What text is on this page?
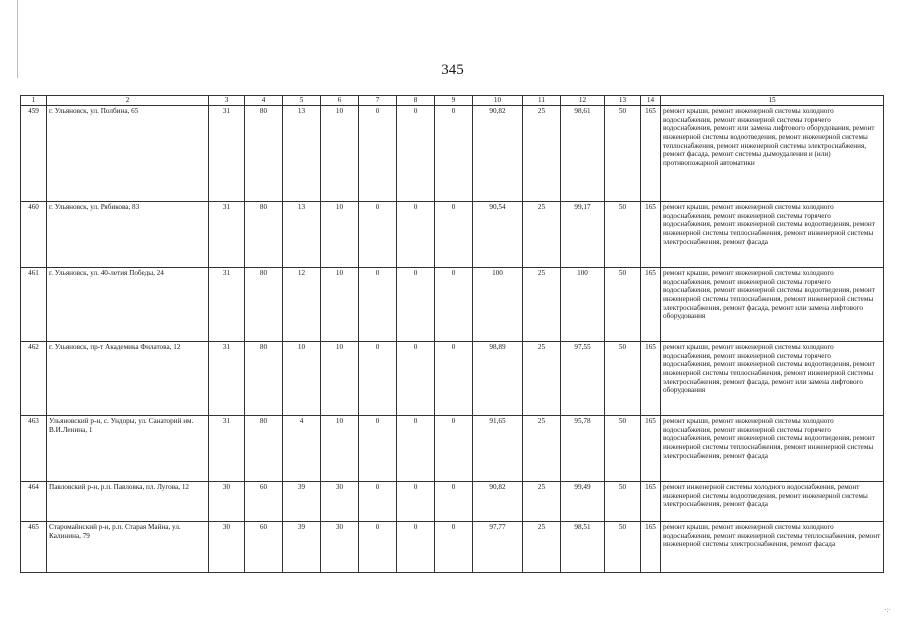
345
1	2	3	4	5	6	7	8	9	10	11	12	13	14	15
459	г. Ульяновск, ул. Полбина, 65	31	80	13	10	0	0	0	90,82	25	98,61	50	165	ремонт крыши, ремонт инженерной системы холодного водоснабжения, ремонт инженерной системы горячего водоснабжения, ремонт или замена лифтового оборудования, ремонт инженерной системы водоотведения, ремонт инженерной системы теплоснабжения, ремонт инженерной системы электроснабжения, ремонт фасада, ремонт системы дымоудаления и (или) противопожарной автоматики
460	г. Ульяновск, ул. Рябикова, 83	31	80	13	10	0	0	0	90,54	25	99,17	50	165	ремонт крыши, ремонт инженерной системы холодного водоснабжения, ремонт инженерной системы горячего водоснабжения, ремонт инженерной системы водоотведения, ремонт инженерной системы теплоснабжения, ремонт инженерной системы электроснабжения, ремонт фасада
461	г. Ульяновск, ул. 40-летия Победы, 24	31	80	12	10	0	0	0	100	25	100	50	165	ремонт крыши, ремонт инженерной системы холодного водоснабжения, ремонт инженерной системы горячего водоснабжения, ремонт инженерной системы водоотведения, ремонт инженерной системы теплоснабжения, ремонт инженерной системы электроснабжения, ремонт фасада, ремонт или замена лифтового оборудования
462	г. Ульяновск, пр-т Академика Филатова, 12	31	80	10	10	0	0	0	98,89	25	97,55	50	165	ремонт крыши, ремонт инженерной системы холодного водоснабжения, ремонт инженерной системы горячего водоснабжения, ремонт инженерной системы водоотведения, ремонт инженерной системы теплоснабжения, ремонт инженерной системы электроснабжения, ремонт фасада, ремонт или замена лифтового оборудования
463	Ульяновский р-н, с. Ундоры, ул. Санаторий им. В.И.Ленина, 1	31	80	4	10	0	0	0	91,65	25	95,78	50	165	ремонт крыши, ремонт инженерной системы холодного водоснабжения, ремонт инженерной системы горячего водоснабжения, ремонт инженерной системы водоотведения, ремонт инженерной системы теплоснабжения, ремонт инженерной системы электроснабжения, ремонт фасада
464	Павловский р-н, р.п. Павловка, пл. Лугова, 12	30	60	39	30	0	0	0	90,82	25	99,49	50	165	ремонт инженерной системы холодного водоснабжения, ремонт инженерной системы водоотведения, ремонт инженерной системы электроснабжения, ремонт фасада
465	Старомайнский р-н, р.п. Старая Майна, ул. Калинина, 79	30	60	39	30	0	0	0	97,77	25	98,51	50	165	ремонт крыши, ремонт инженерной системы холодного водоснабжения, ремонт инженерной системы теплоснабжения, ремонт инженерной системы электроснабжения, ремонт фасада
·:·
